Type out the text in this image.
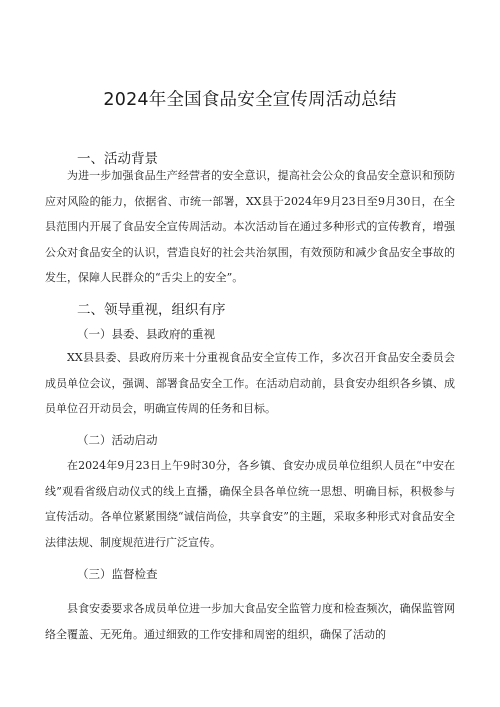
2024年全国食品安全宣传周活动总结
一、活动背景

为进一步加强食品生产经营者的安全意识，提高社会公众的食品安全意识和预防应对风险的能力，依据省、市统一部署，XX县于2024年9月23日至9月30日，在全县范围内开展了食品安全宣传周活动。本次活动旨在通过多种形式的宣传教育，增强公众对食品安全的认识，营造良好的社会共治氛围，有效预防和减少食品安全事故的发生，保障人民群众的“舌尖上的安全”。

二、领导重视，组织有序
（一）县委、县政府的重视

XX县县委、县政府历来十分重视食品安全宣传工作，多次召开食品安全委员会成员单位会议，强调、部署食品安全工作。在活动启动前，县食安办组织各乡镇、成员单位召开动员会，明确宣传周的任务和目标。

（二）活动启动

在2024年9月23日上午9时30分，各乡镇、食安办成员单位组织人员在“中安在线”观看省级启动仪式的线上直播，确保全县各单位统一思想、明确目标，积极参与宣传活动。各单位紧紧围绕“诚信尚俭，共享食安”的主题，采取多种形式对食品安全法律法规、制度规范进行广泛宣传。

（三）监督检查

县食安委要求各成员单位进一步加大食品安全监管力度和检查频次，确保监管网络全覆盖、无死角。通过细致的工作安排和周密的组织，确保了活动的
